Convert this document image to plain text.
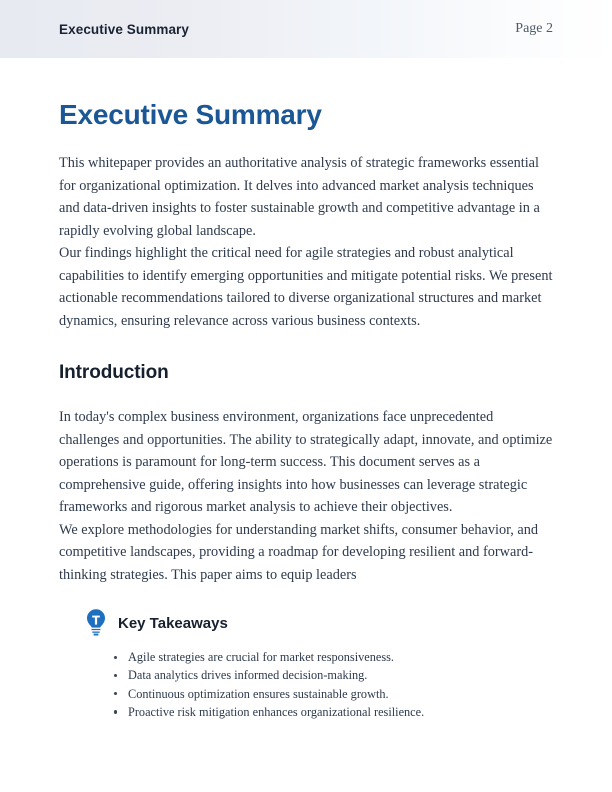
Executive Summary	Page 2
Executive Summary

This whitepaper provides an authoritative analysis of strategic frameworks essential for organizational optimization. It delves into advanced market analysis techniques and data-driven insights to foster sustainable growth and competitive advantage in a rapidly evolving global landscape.

Our findings highlight the critical need for agile strategies and robust analytical capabilities to identify emerging opportunities and mitigate potential risks. We present actionable recommendations tailored to diverse organizational structures and market dynamics, ensuring relevance across various business contexts.

Introduction

In today's complex business environment, organizations face unprecedented challenges and opportunities. The ability to strategically adapt, innovate, and optimize operations is paramount for long-term success. This document serves as a comprehensive guide, offering insights into how businesses can leverage strategic frameworks and rigorous market analysis to achieve their objectives.

We explore methodologies for understanding market shifts, consumer behavior, and competitive landscapes, providing a roadmap for developing resilient and forward-thinking strategies. This paper aims to equip leaders

Key Takeaways
Agile strategies are crucial for market responsiveness.
Data analytics drives informed decision-making.
Continuous optimization ensures sustainable growth.
Proactive risk mitigation enhances organizational resilience.
